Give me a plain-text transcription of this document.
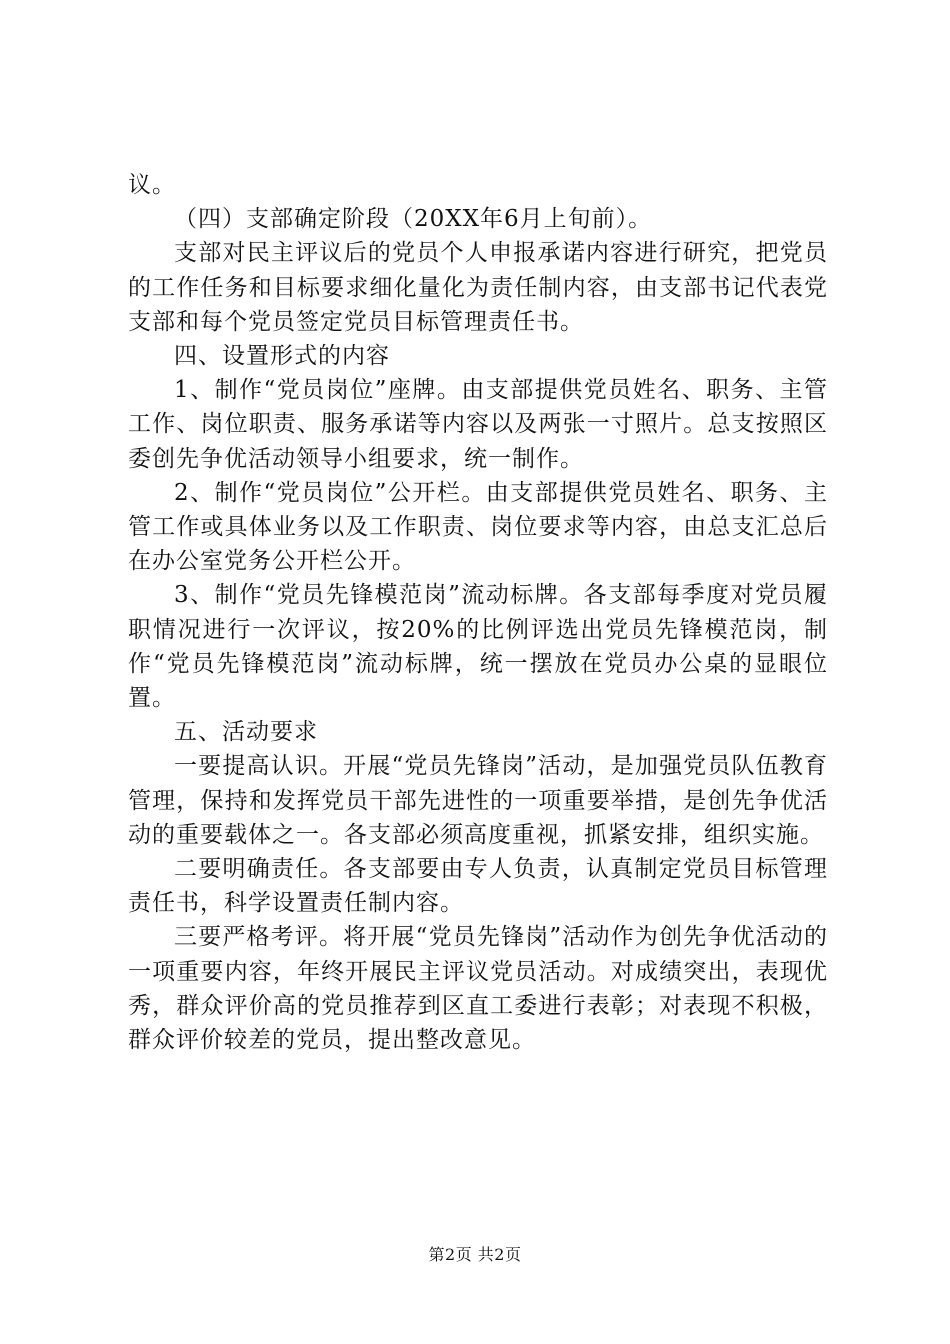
议。

（四）支部确定阶段（20XX年6月上旬前）。

支部对民主评议后的党员个人申报承诺内容进行研究，把党员的工作任务和目标要求细化量化为责任制内容，由支部书记代表党支部和每个党员签定党员目标管理责任书。

四、设置形式的内容

1、制作“党员岗位”座牌。由支部提供党员姓名、职务、主管工作、岗位职责、服务承诺等内容以及两张一寸照片。总支按照区委创先争优活动领导小组要求，统一制作。

2、制作“党员岗位”公开栏。由支部提供党员姓名、职务、主管工作或具体业务以及工作职责、岗位要求等内容，由总支汇总后在办公室党务公开栏公开。

3、制作“党员先锋模范岗”流动标牌。各支部每季度对党员履职情况进行一次评议，按20%的比例评选出党员先锋模范岗，制作“党员先锋模范岗”流动标牌，统一摆放在党员办公桌的显眼位置。

五、活动要求

一要提高认识。开展“党员先锋岗”活动，是加强党员队伍教育管理，保持和发挥党员干部先进性的一项重要举措，是创先争优活动的重要载体之一。各支部必须高度重视，抓紧安排，组织实施。

二要明确责任。各支部要由专人负责，认真制定党员目标管理责任书，科学设置责任制内容。

三要严格考评。将开展“党员先锋岗”活动作为创先争优活动的一项重要内容，年终开展民主评议党员活动。对成绩突出，表现优秀，群众评价高的党员推荐到区直工委进行表彰；对表现不积极，群众评价较差的党员，提出整改意见。

第2页 共2页
